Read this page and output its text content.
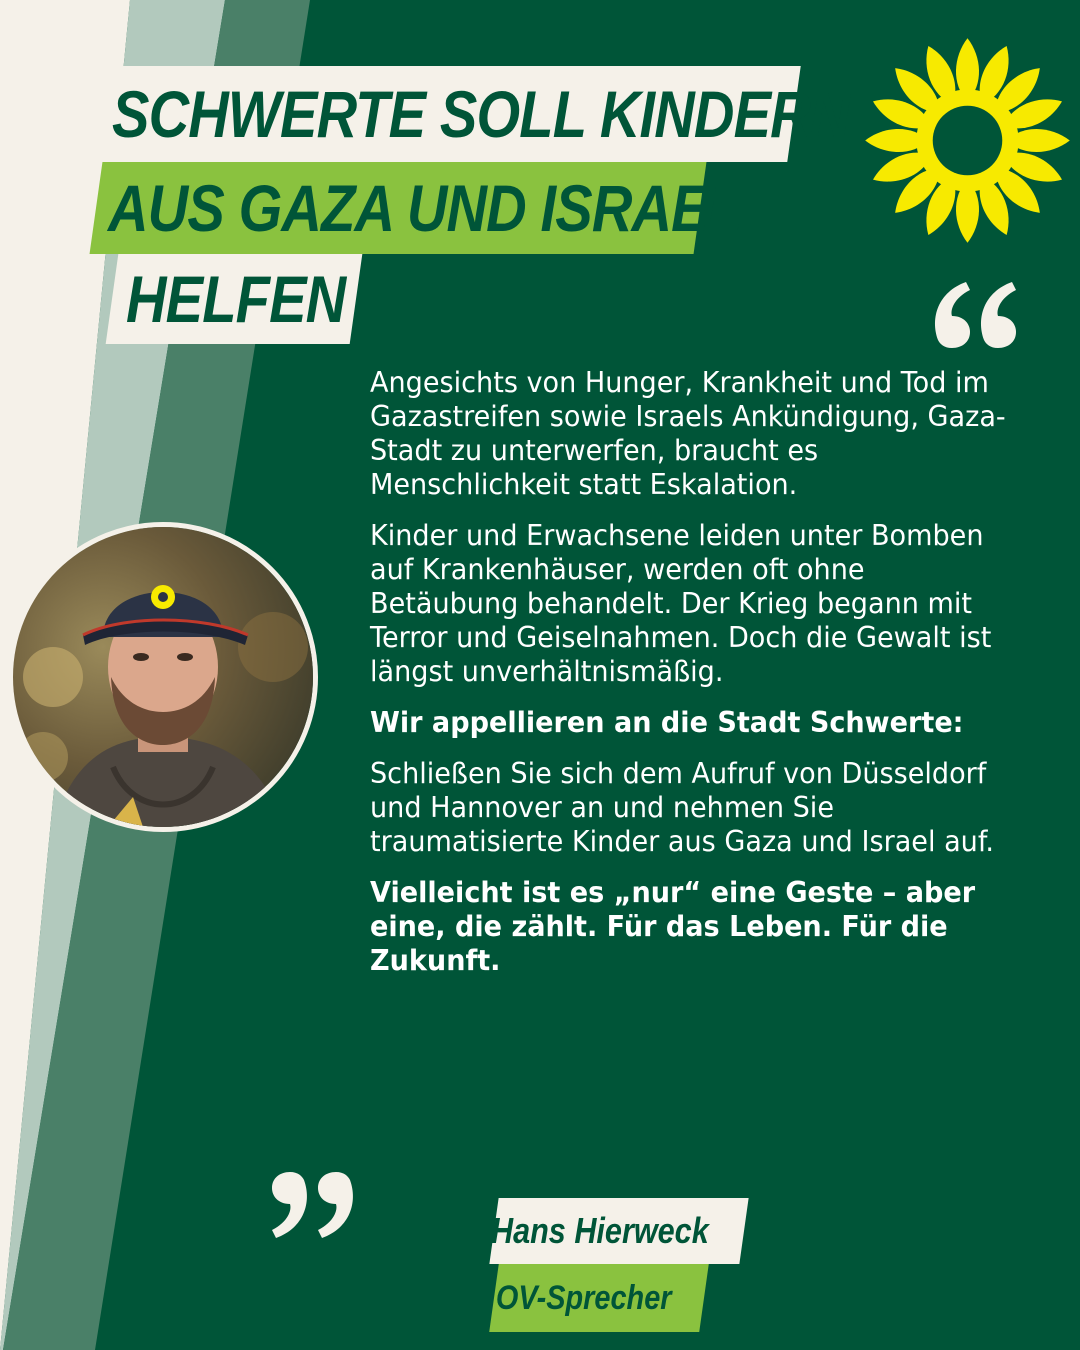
SCHWERTE SOLL KINDERN
AUS GAZA UND ISRAEL
HELFEN

Angesichts von Hunger, Krankheit und Tod im Gazastreifen sowie Israels Ankündigung, Gaza-Stadt zu unterwerfen, braucht es Menschlichkeit statt Eskalation.

Kinder und Erwachsene leiden unter Bomben auf Krankenhäuser, werden oft ohne Betäubung behandelt. Der Krieg begann mit Terror und Geiselnahmen. Doch die Gewalt ist längst unverhältnismäßig.

Wir appellieren an die Stadt Schwerte:

Schließen Sie sich dem Aufruf von Düsseldorf und Hannover an und nehmen Sie traumatisierte Kinder aus Gaza und Israel auf.

Vielleicht ist es „nur“ eine Geste – aber eine, die zählt. Für das Leben. Für die Zukunft.

Hans Hierweck
OV-Sprecher
